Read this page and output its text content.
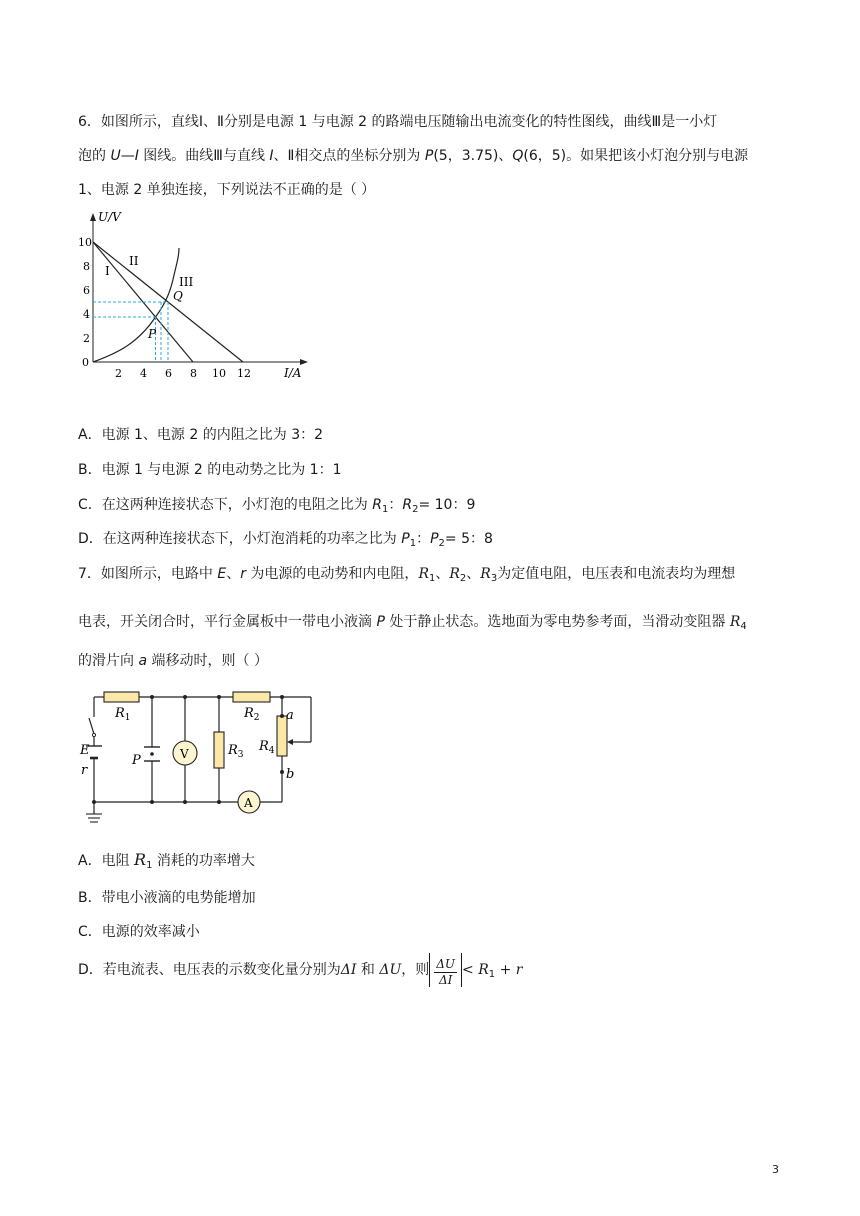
6．如图所示，直线Ⅰ、Ⅱ分别是电源 1 与电源 2 的路端电压随输出电流变化的特性图线，曲线Ⅲ是一小灯
泡的 U—I 图线。曲线Ⅲ与直线 I、Ⅱ相交点的坐标分别为 P(5，3.75)、Q(6，5)。如果把该小灯泡分别与电源
1、电源 2 单独连接，下列说法不正确的是（ ）
U/V
I/A
0
2
4
6
8
10
2 4 6 8 10 12
I
II
III
P
Q
A．电源 1、电源 2 的内阻之比为 3：2
B．电源 1 与电源 2 的电动势之比为 1：1
C．在这两种连接状态下，小灯泡的电阻之比为 $R_1$：$R_2= 10$：9
D．在这两种连接状态下，小灯泡消耗的功率之比为 $P_1$：$P_2= 5$：8
7．如图所示，电路中 E、r 为电源的电动势和内电阻，$R_1$、$R_2$、$R_3$为定值电阻，电压表和电流表均为理想
电表，开关闭合时，平行金属板中一带电小液滴 P 处于静止状态。选地面为零电势参考面，当滑动变阻器 $R_4$
的滑片向 a 端移动时，则（ ）
$R_1$	$R_2$
$R_3$
$R_4$
E
r
P	V
A
a
b
A．电阻 $R_1$ 消耗的功率增大
B．带电小液滴的电势能增加
C．电源的效率减小
D．若电流表、电压表的示数变化量分别为ΔI 和 ΔU，则 $\frac{\Delta U}{\Delta I} < R_1 + r$
3
